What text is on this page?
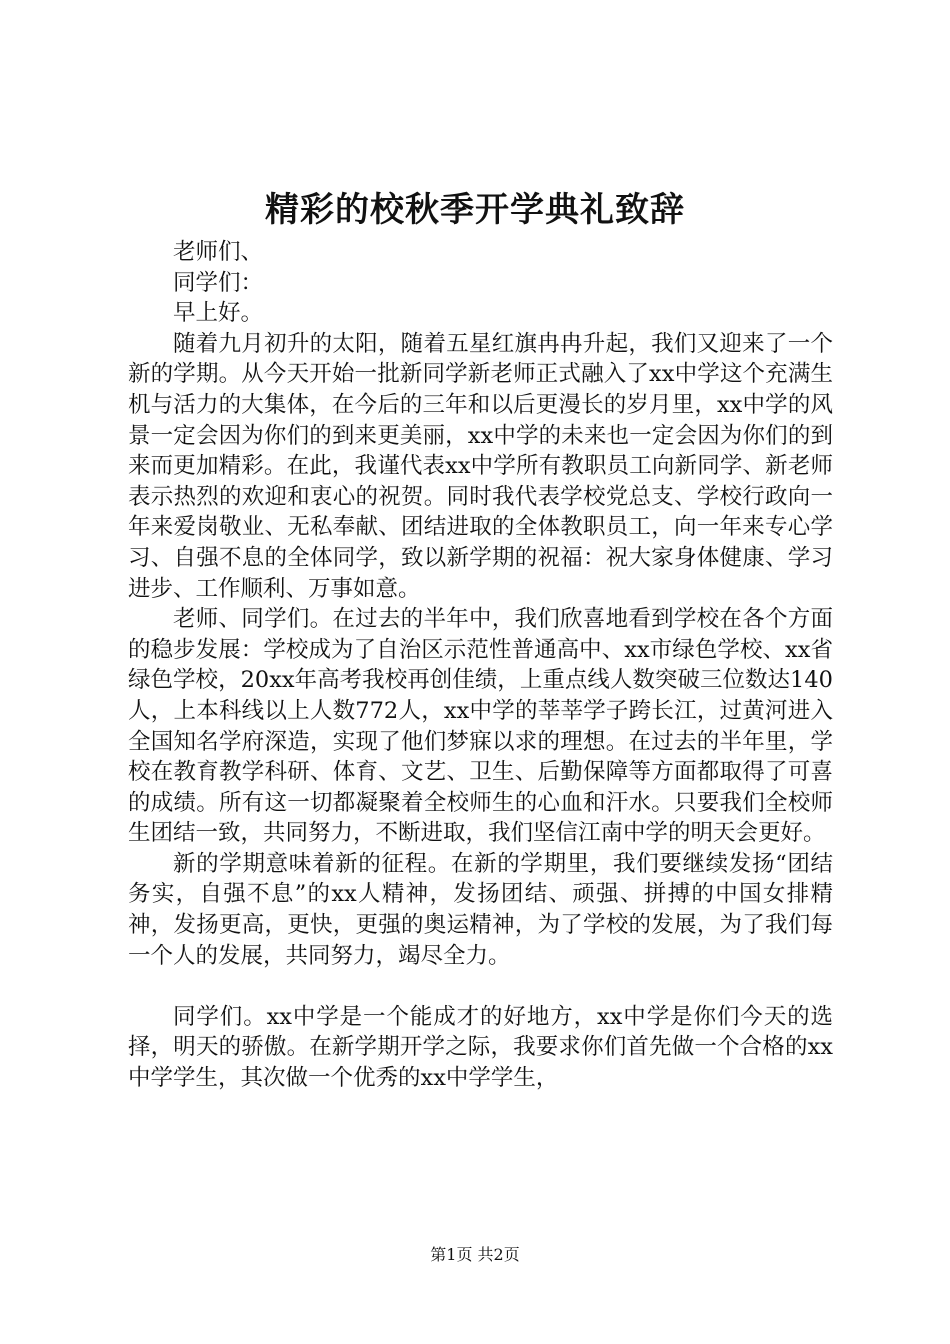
精彩的校秋季开学典礼致辞

老师们、

同学们：

早上好。

随着九月初升的太阳，随着五星红旗冉冉升起，我们又迎来了一个新的学期。从今天开始一批新同学新老师正式融入了xx中学这个充满生机与活力的大集体，在今后的三年和以后更漫长的岁月里，xx中学的风景一定会因为你们的到来更美丽，xx中学的未来也一定会因为你们的到来而更加精彩。在此，我谨代表xx中学所有教职员工向新同学、新老师表示热烈的欢迎和衷心的祝贺。同时我代表学校党总支、学校行政向一年来爱岗敬业、无私奉献、团结进取的全体教职员工，向一年来专心学习、自强不息的全体同学，致以新学期的祝福：祝大家身体健康、学习进步、工作顺利、万事如意。

老师、同学们。在过去的半年中，我们欣喜地看到学校在各个方面的稳步发展：学校成为了自治区示范性普通高中、xx市绿色学校、xx省绿色学校，20xx年高考我校再创佳绩，上重点线人数突破三位数达140人，上本科线以上人数772人，xx中学的莘莘学子跨长江，过黄河进入全国知名学府深造，实现了他们梦寐以求的理想。在过去的半年里，学校在教育教学科研、体育、文艺、卫生、后勤保障等方面都取得了可喜的成绩。所有这一切都凝聚着全校师生的心血和汗水。只要我们全校师生团结一致，共同努力，不断进取，我们坚信江南中学的明天会更好。

新的学期意味着新的征程。在新的学期里，我们要继续发扬“团结务实，自强不息”的xx人精神，发扬团结、顽强、拼搏的中国女排精神，发扬更高，更快，更强的奥运精神，为了学校的发展，为了我们每一个人的发展，共同努力，竭尽全力。

同学们。xx中学是一个能成才的好地方，xx中学是你们今天的选择，明天的骄傲。在新学期开学之际，我要求你们首先做一个合格的xx中学学生，其次做一个优秀的xx中学学生，

第1页 共2页
